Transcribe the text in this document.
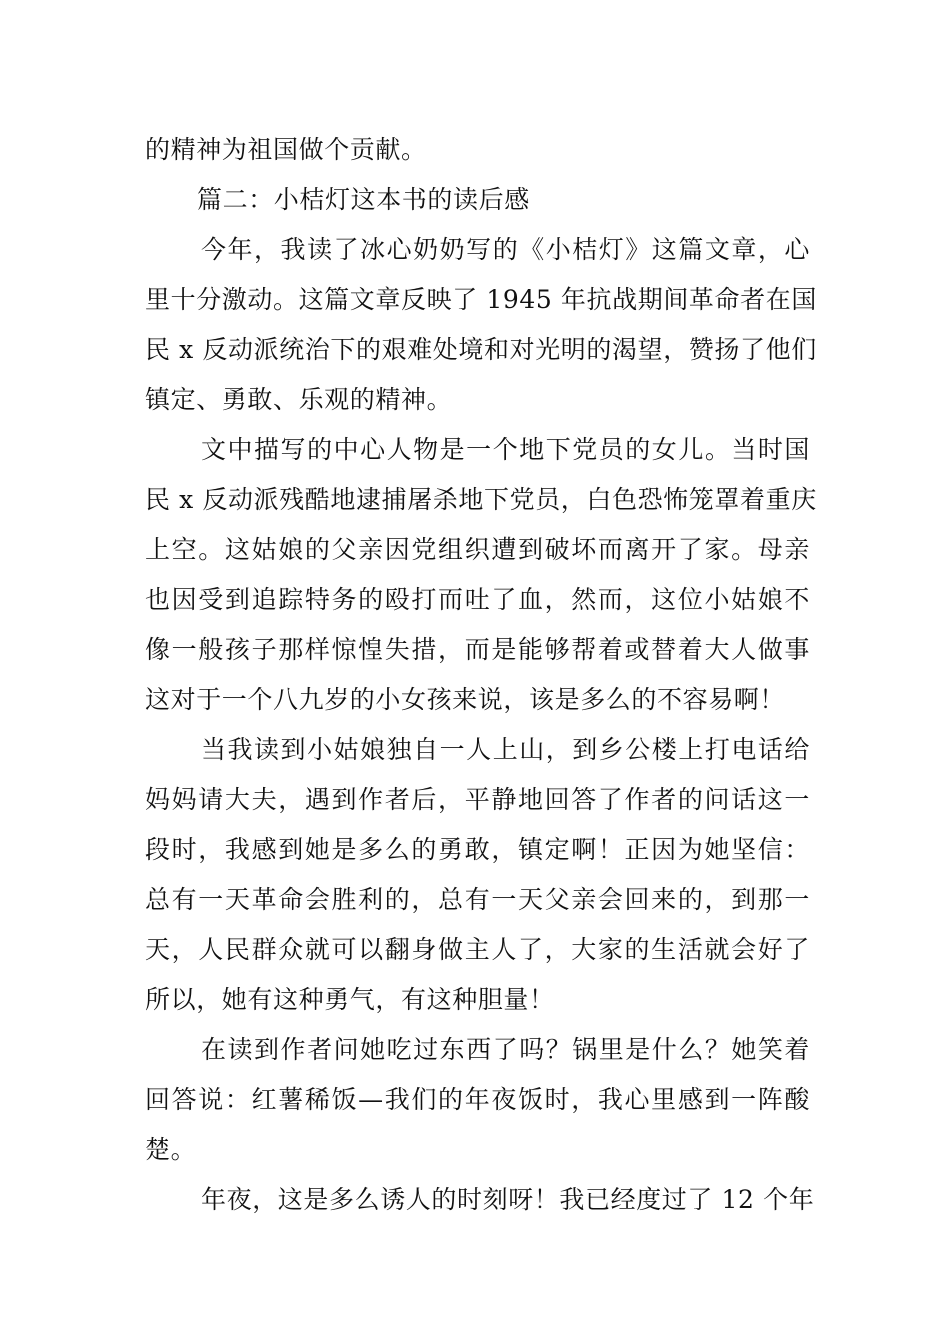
的精神为祖国做个贡献。
篇二：小桔灯这本书的读后感
今年，我读了冰心奶奶写的《小桔灯》这篇文章，心
里十分激动。这篇文章反映了 1945 年抗战期间革命者在国
民 x 反动派统治下的艰难处境和对光明的渴望，赞扬了他们
镇定、勇敢、乐观的精神。
文中描写的中心人物是一个地下党员的女儿。当时国
民 x 反动派残酷地逮捕屠杀地下党员，白色恐怖笼罩着重庆
上空。这姑娘的父亲因党组织遭到破坏而离开了家。母亲
也因受到追踪特务的殴打而吐了血，然而，这位小姑娘不
像一般孩子那样惊惶失措，而是能够帮着或替着大人做事
这对于一个八九岁的小女孩来说，该是多么的不容易啊！
当我读到小姑娘独自一人上山，到乡公楼上打电话给
妈妈请大夫，遇到作者后，平静地回答了作者的问话这一
段时，我感到她是多么的勇敢，镇定啊！正因为她坚信：
总有一天革命会胜利的，总有一天父亲会回来的，到那一
天，人民群众就可以翻身做主人了，大家的生活就会好了
所以，她有这种勇气，有这种胆量！
在读到作者问她吃过东西了吗？锅里是什么？她笑着
回答说：红薯稀饭—我们的年夜饭时，我心里感到一阵酸
楚。
年夜，这是多么诱人的时刻呀！我已经度过了 12 个年
